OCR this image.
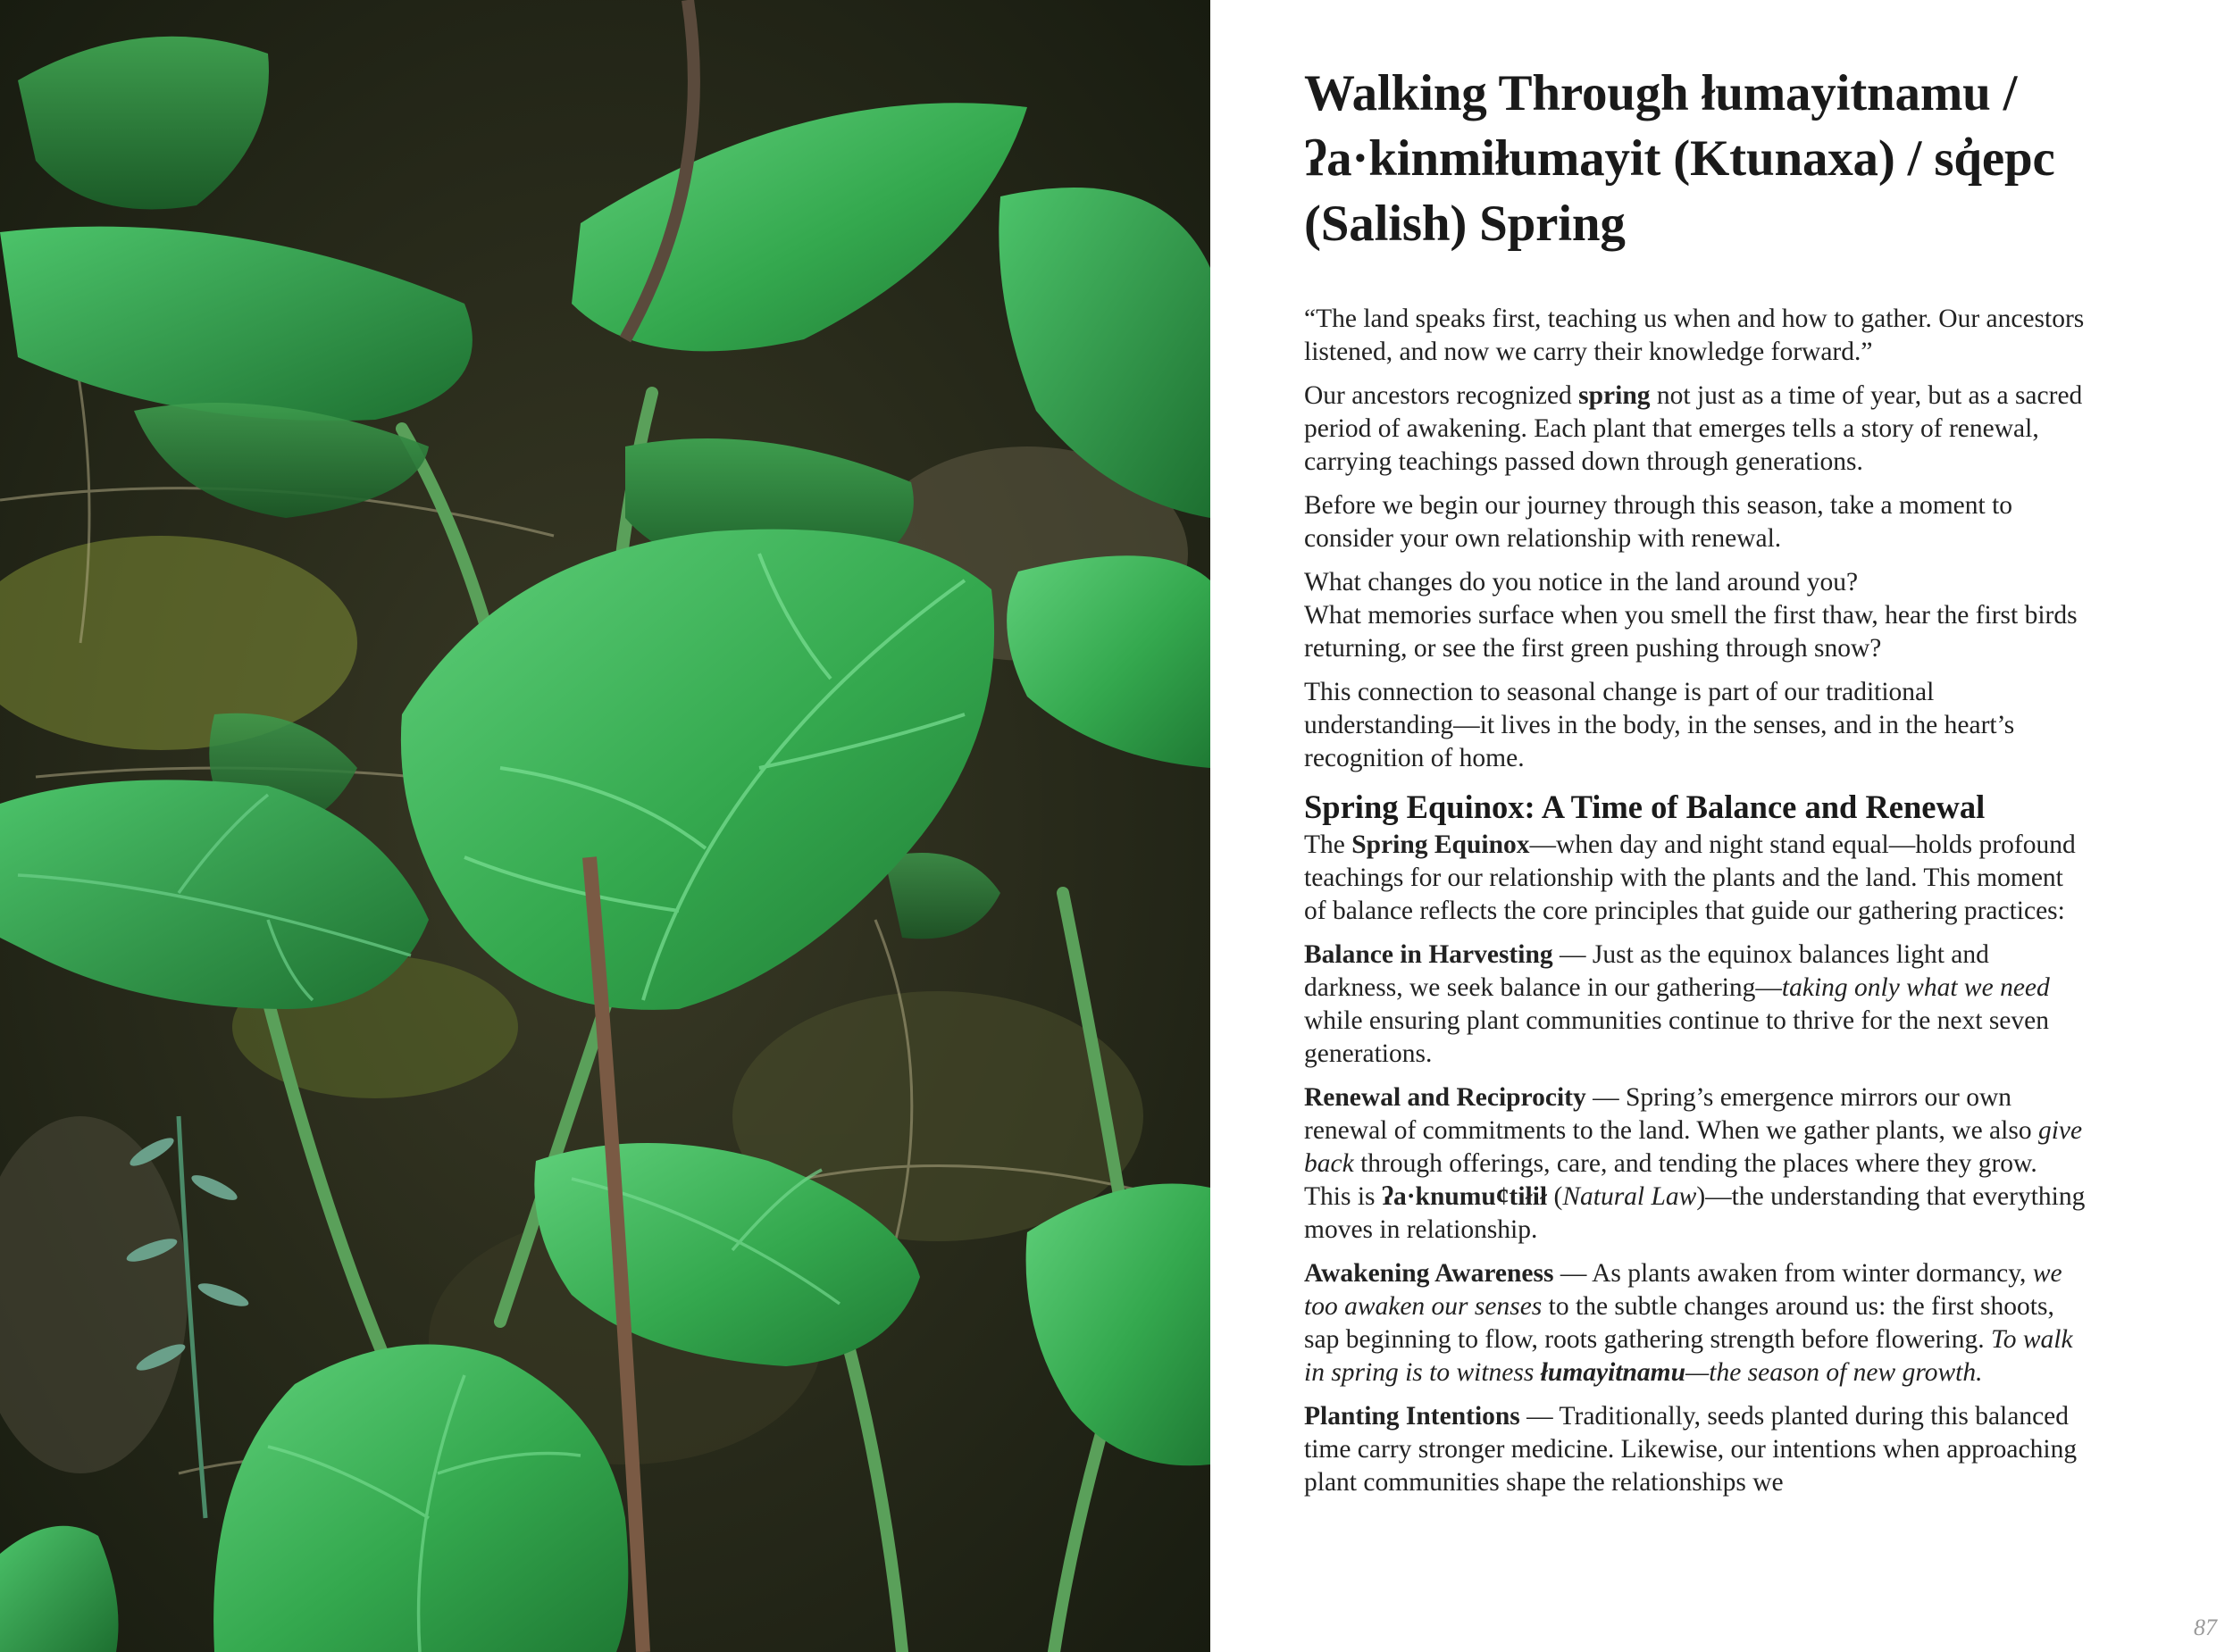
Walking Through łumayitnamu / ʔa·kinmiłumayit (Ktunaxa) / sq̓epc (Salish) Spring

“The land speaks first, teaching us when and how to gather. Our ancestors listened, and now we carry their knowledge forward.”

Our ancestors recognized spring not just as a time of year, but as a sacred period of awakening. Each plant that emerges tells a story of renewal, carrying teachings passed down through generations.

Before we begin our journey through this season, take a moment to consider your own relationship with renewal.

What changes do you notice in the land around you?
What memories surface when you smell the first thaw, hear the first birds returning, or see the first green pushing through snow?

This connection to seasonal change is part of our traditional understanding—it lives in the body, in the senses, and in the heart’s recognition of home.

Spring Equinox: A Time of Balance and Renewal

The Spring Equinox—when day and night stand equal—holds profound teachings for our relationship with the plants and the land. This moment of balance reflects the core principles that guide our gathering practices:

Balance in Harvesting — Just as the equinox balances light and darkness, we seek balance in our gathering—taking only what we need while ensuring plant communities continue to thrive for the next seven generations.

Renewal and Reciprocity — Spring’s emergence mirrors our own renewal of commitments to the land. When we gather plants, we also give back through offerings, care, and tending the places where they grow. This is ʔa·knumu¢tiłił (Natural Law)—the understanding that everything moves in relationship.

Awakening Awareness — As plants awaken from winter dormancy, we too awaken our senses to the subtle changes around us: the first shoots, sap beginning to flow, roots gathering strength before flowering. To walk in spring is to witness łumayitnamu—the season of new growth.

Planting Intentions — Traditionally, seeds planted during this balanced time carry stronger medicine. Likewise, our intentions when approaching plant communities shape the relationships we

87
